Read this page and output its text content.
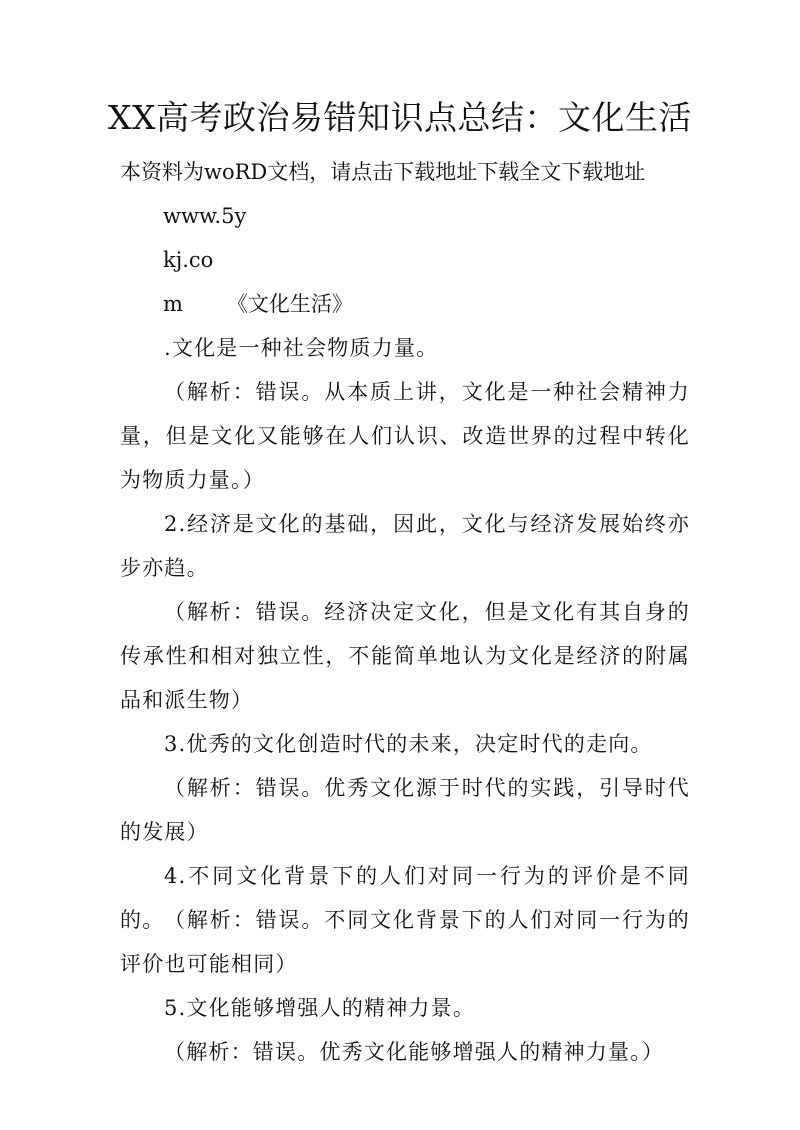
XX高考政治易错知识点总结：文化生活
本资料为woRD文档，请点击下载地址下载全文下载地址
www.5y
kj.co
m 《文化生活》
.文化是一种社会物质力量。
（解析：错误。从本质上讲，文化是一种社会精神力量，但是文化又能够在人们认识、改造世界的过程中转化为物质力量。）
2.经济是文化的基础，因此，文化与经济发展始终亦步亦趋。
（解析：错误。经济决定文化，但是文化有其自身的传承性和相对独立性，不能简单地认为文化是经济的附属品和派生物）
3.优秀的文化创造时代的未来，决定时代的走向。
（解析：错误。优秀文化源于时代的实践，引导时代的发展）
4.不同文化背景下的人们对同一行为的评价是不同的。 （解析：错误。不同文化背景下的人们对同一行为的评价也可能相同）
5.文化能够增强人的精神力景。
（解析：错误。优秀文化能够增强人的精神力量。）
